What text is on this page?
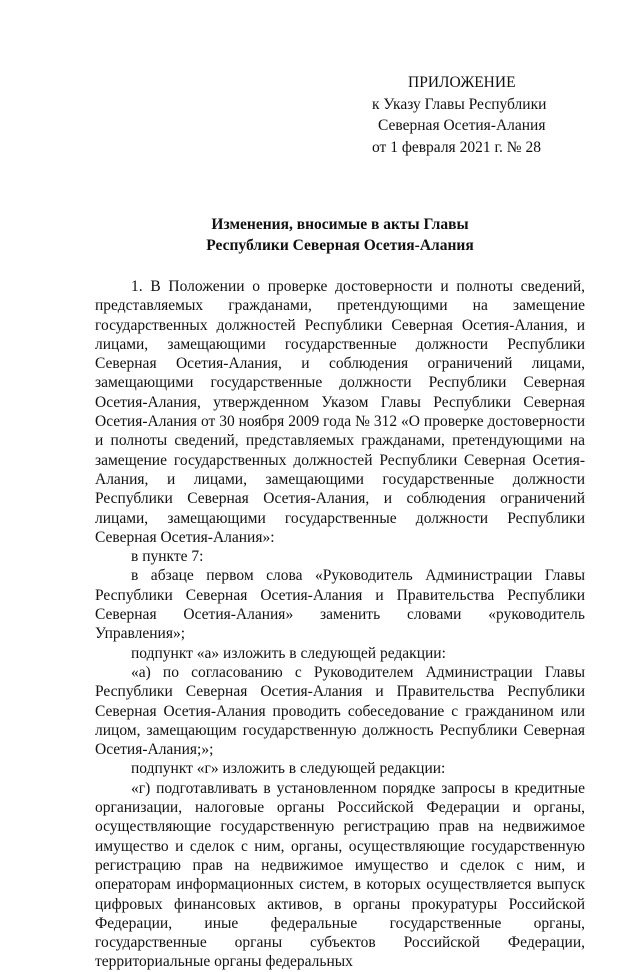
ПРИЛОЖЕНИЕ
к Указу Главы Республики
Северная Осетия-Алания
от 1 февраля 2021 г. № 28
Изменения, вносимые в акты Главы
Республики Северная Осетия-Алания

1. В Положении о проверке достоверности и полноты сведений, представляемых гражданами, претендующими на замещение государственных должностей Республики Северная Осетия-Алания, и лицами, замещающими государственные должности Республики Северная Осетия-Алания, и соблюдения ограничений лицами, замещающими государственные должности Республики Северная Осетия-Алания, утвержденном Указом Главы Республики Северная Осетия-Алания от 30 ноября 2009 года № 312 «О проверке достоверности и полноты сведений, представляемых гражданами, претендующими на замещение государственных должностей Республики Северная Осетия-Алания, и лицами, замещающими государственные должности Республики Северная Осетия-Алания, и соблюдения ограничений лицами, замещающими государственные должности Республики Северная Осетия-Алания»:

в пункте 7:

в абзаце первом слова «Руководитель Администрации Главы Республики Северная Осетия-Алания и Правительства Республики Северная Осетия-Алания» заменить словами «руководитель Управления»;

подпункт «а» изложить в следующей редакции:

«а) по согласованию с Руководителем Администрации Главы Республики Северная Осетия-Алания и Правительства Республики Северная Осетия-Алания проводить собеседование с гражданином или лицом, замещающим государственную должность Республики Северная Осетия-Алания;»;

подпункт «г» изложить в следующей редакции:

«г) подготавливать в установленном порядке запросы в кредитные организации, налоговые органы Российской Федерации и органы, осуществляющие государственную регистрацию прав на недвижимое имущество и сделок с ним, органы, осуществляющие государственную регистрацию прав на недвижимое имущество и сделок с ним, и операторам информационных систем, в которых осуществляется выпуск цифровых финансовых активов, в органы прокуратуры Российской Федерации, иные федеральные государственные органы, государственные органы субъектов Российской Федерации, территориальные органы федеральных
